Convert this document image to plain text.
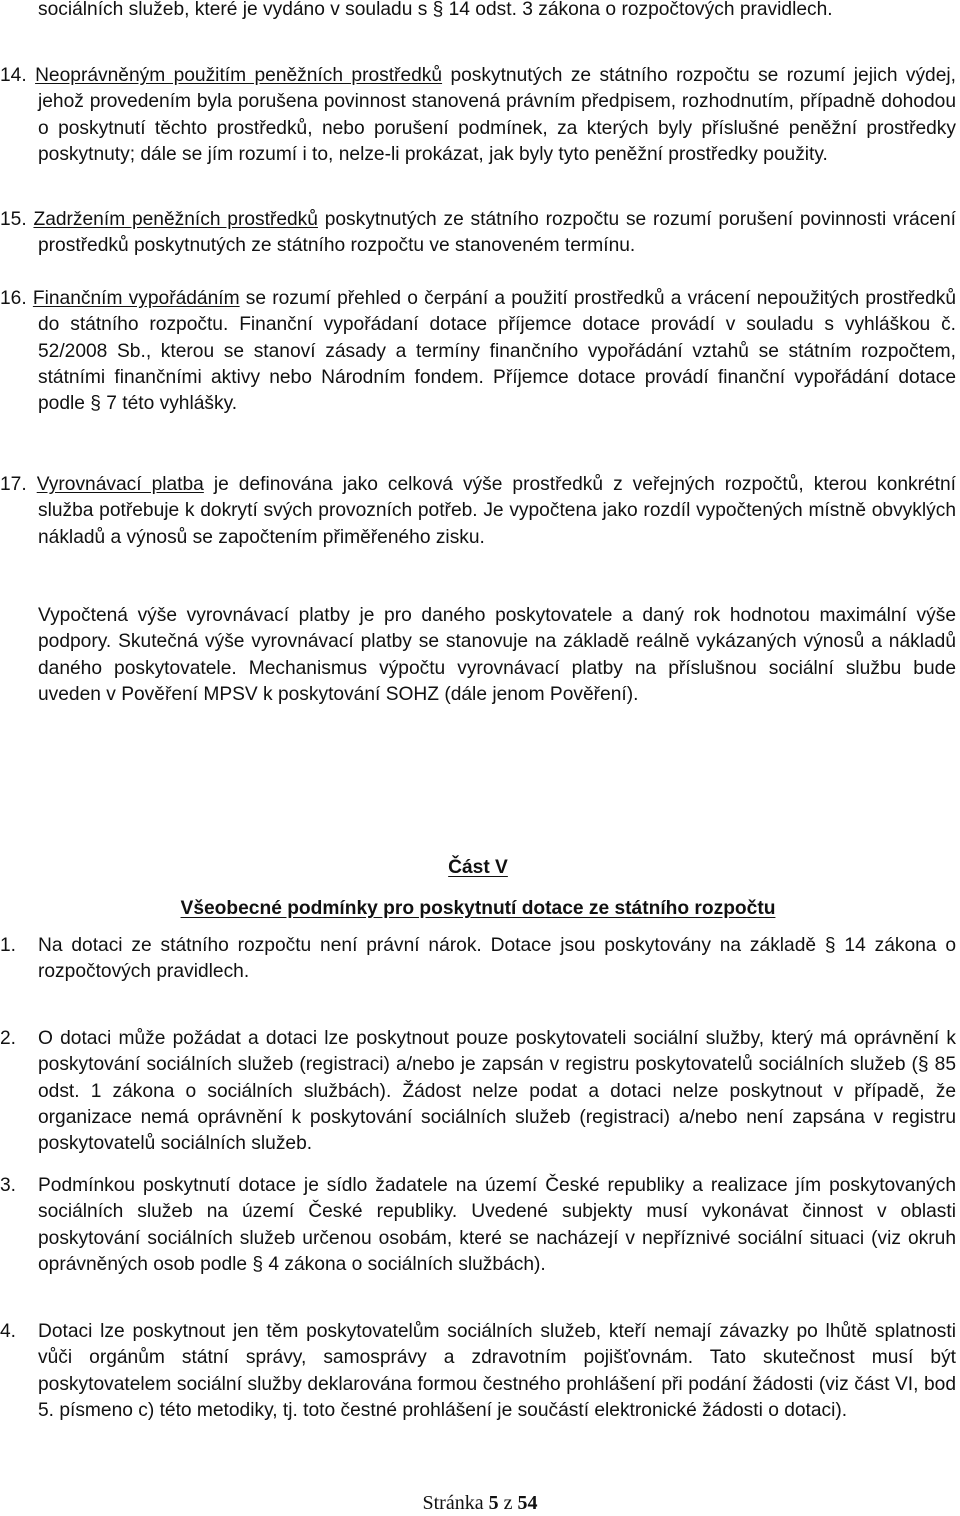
sociálních služeb, které je vydáno v souladu s § 14 odst. 3 zákona o rozpočtových pravidlech.

14. Neoprávněným použitím peněžních prostředků poskytnutých ze státního rozpočtu se rozumí jejich výdej, jehož provedením byla porušena povinnost stanovená právním předpisem, rozhodnutím, případně dohodou o poskytnutí těchto prostředků, nebo porušení podmínek, za kterých byly příslušné peněžní prostředky poskytnuty; dále se jím rozumí i to, nelze-li prokázat, jak byly tyto peněžní prostředky použity.

15. Zadržením peněžních prostředků poskytnutých ze státního rozpočtu se rozumí porušení povinnosti vrácení prostředků poskytnutých ze státního rozpočtu ve stanoveném termínu.

16. Finančním vypořádáním se rozumí přehled o čerpání a použití prostředků a vrácení nepoužitých prostředků do státního rozpočtu. Finanční vypořádaní dotace příjemce dotace provádí v souladu s vyhláškou č. 52/2008 Sb., kterou se stanoví zásady a termíny finančního vypořádání vztahů se státním rozpočtem, státními finančními aktivy nebo Národním fondem. Příjemce dotace provádí finanční vypořádání dotace podle § 7 této vyhlášky.

17. Vyrovnávací platba je definována jako celková výše prostředků z veřejných rozpočtů, kterou konkrétní služba potřebuje k dokrytí svých provozních potřeb. Je vypočtena jako rozdíl vypočtených místně obvyklých nákladů a výnosů se započtením přiměřeného zisku.

Vypočtená výše vyrovnávací platby je pro daného poskytovatele a daný rok hodnotou maximální výše podpory. Skutečná výše vyrovnávací platby se stanovuje na základě reálně vykázaných výnosů a nákladů daného poskytovatele. Mechanismus výpočtu vyrovnávací platby na příslušnou sociální službu bude uveden v Pověření MPSV k poskytování SOHZ (dále jenom Pověření).

Část V
Všeobecné podmínky pro poskytnutí dotace ze státního rozpočtu
1.	Na dotaci ze státního rozpočtu není právní nárok. Dotace jsou poskytovány na základě § 14 zákona o rozpočtových pravidlech.

2.	O dotaci může požádat a dotaci lze poskytnout pouze poskytovateli sociální služby, který má oprávnění k poskytování sociálních služeb (registraci) a/nebo je zapsán v registru poskytovatelů sociálních služeb (§ 85 odst. 1 zákona o sociálních službách). Žádost nelze podat a dotaci nelze poskytnout v případě, že organizace nemá oprávnění k poskytování sociálních služeb (registraci) a/nebo není zapsána v registru poskytovatelů sociálních služeb.

3.	Podmínkou poskytnutí dotace je sídlo žadatele na území České republiky a realizace jím poskytovaných sociálních služeb na území České republiky. Uvedené subjekty musí vykonávat činnost v oblasti poskytování sociálních služeb určenou osobám, které se nacházejí v nepříznivé sociální situaci (viz okruh oprávněných osob podle § 4 zákona o sociálních službách).

4.	Dotaci lze poskytnout jen těm poskytovatelům sociálních služeb, kteří nemají závazky po lhůtě splatnosti vůči orgánům státní správy, samosprávy a zdravotním pojišťovnám. Tato skutečnost musí být poskytovatelem sociální služby deklarována formou čestného prohlášení při podání žádosti (viz část VI, bod 5. písmeno c) této metodiky, tj. toto čestné prohlášení je součástí elektronické žádosti o dotaci).

Stránka 5 z 54
